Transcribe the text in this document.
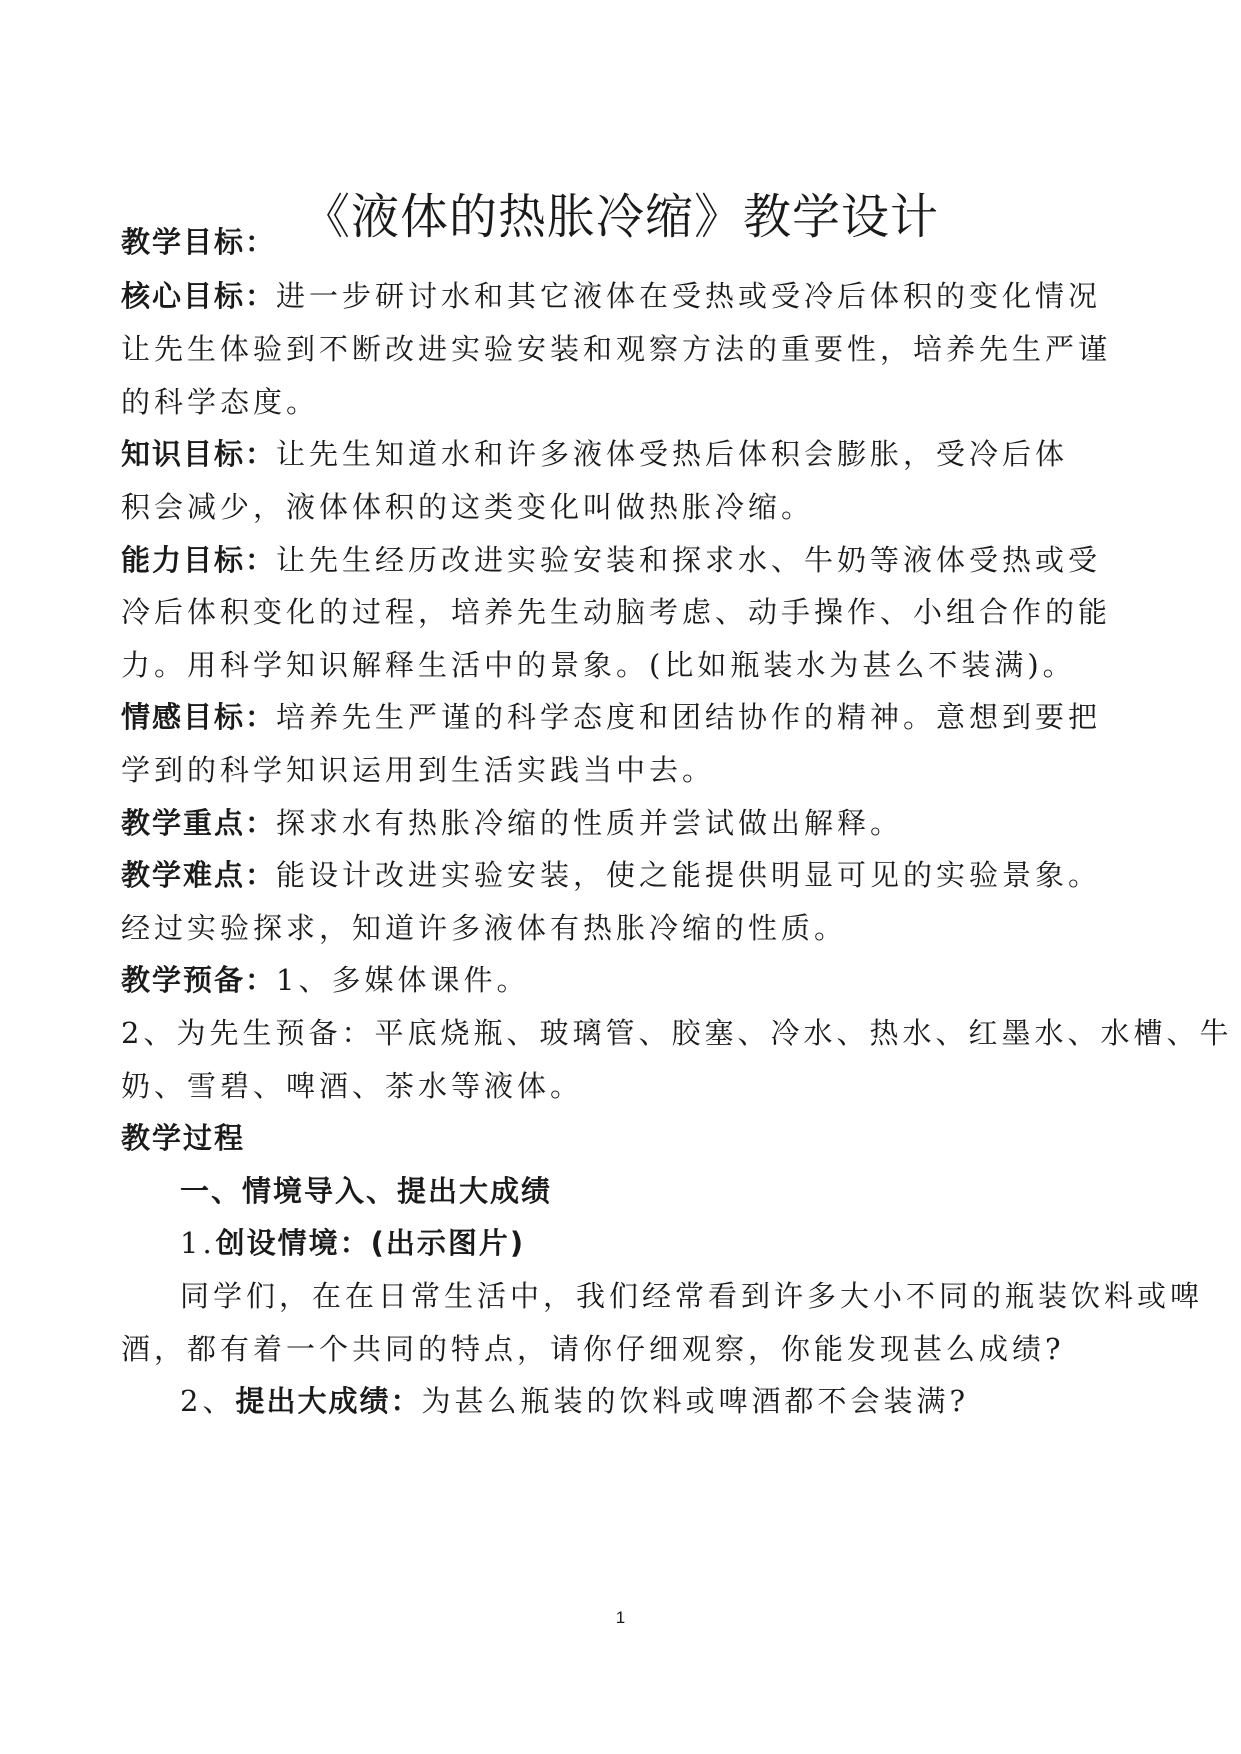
《液体的热胀冷缩》教学设计
教学目标：
核心目标：进一步研讨水和其它液体在受热或受冷后体积的变化情况
让先生体验到不断改进实验安装和观察方法的重要性，培养先生严谨
的科学态度。
知识目标：让先生知道水和许多液体受热后体积会膨胀，受冷后体
积会减少，液体体积的这类变化叫做热胀冷缩。
能力目标：让先生经历改进实验安装和探求水、牛奶等液体受热或受
冷后体积变化的过程，培养先生动脑考虑、动手操作、小组合作的能
力。用科学知识解释生活中的景象。(比如瓶装水为甚么不装满)。
情感目标：培养先生严谨的科学态度和团结协作的精神。意想到要把
学到的科学知识运用到生活实践当中去。
教学重点：探求水有热胀冷缩的性质并尝试做出解释。
教学难点：能设计改进实验安装，使之能提供明显可见的实验景象。
经过实验探求，知道许多液体有热胀冷缩的性质。
教学预备：1、多媒体课件。
2、为先生预备：平底烧瓶、玻璃管、胶塞、冷水、热水、红墨水、水槽、牛
奶、雪碧、啤酒、茶水等液体。
教学过程
一、情境导入、提出大成绩
1.创设情境：(出示图片)
同学们，在在日常生活中，我们经常看到许多大小不同的瓶装饮料或啤
酒，都有着一个共同的特点，请你仔细观察，你能发现甚么成绩?
2、提出大成绩：为甚么瓶装的饮料或啤酒都不会装满?
1
